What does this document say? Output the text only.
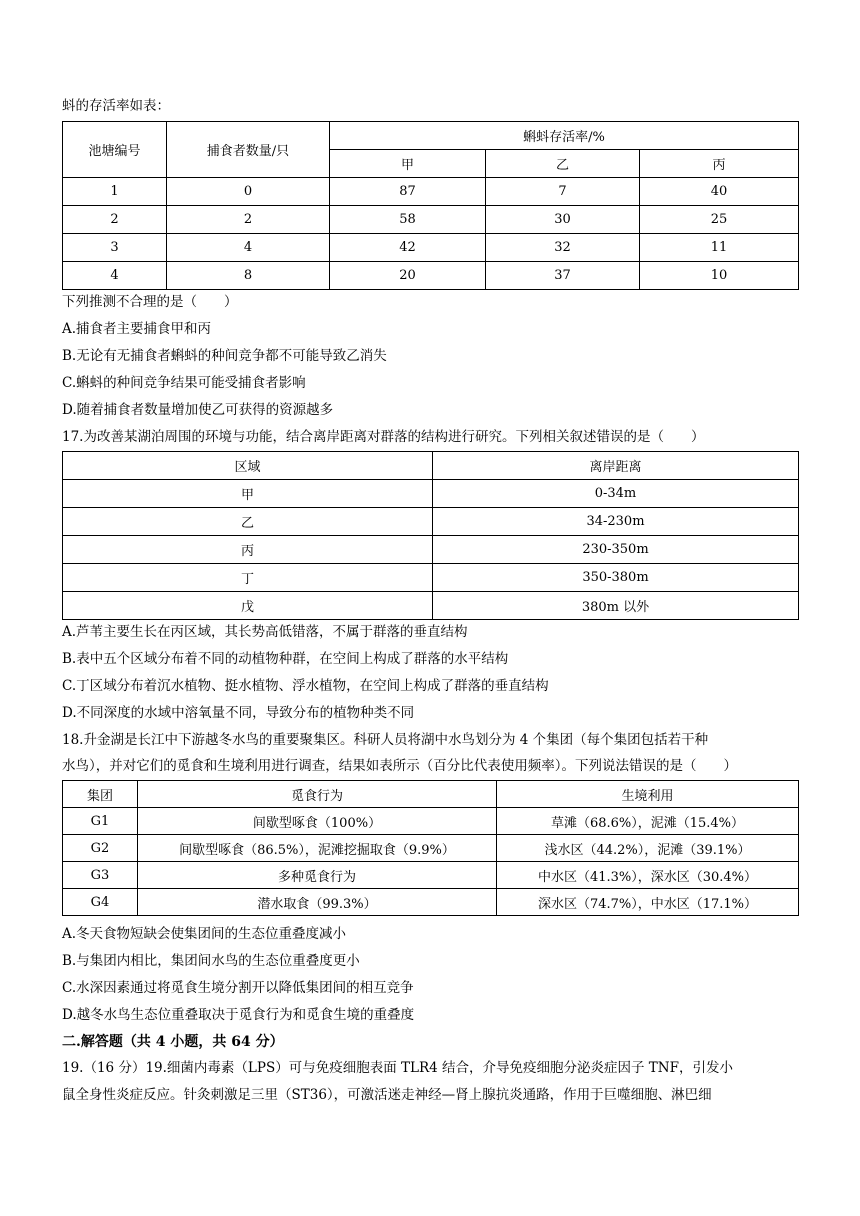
蚪的存活率如表：
池塘编号	捕食者数量/只	蝌蚪存活率/%		
		甲	乙	丙
1	0	87	7	40
2	2	58	30	25
3	4	42	32	11
4	8	20	37	10
下列推测不合理的是（　　）
A.捕食者主要捕食甲和丙
B.无论有无捕食者蝌蚪的种间竞争都不可能导致乙消失
C.蝌蚪的种间竞争结果可能受捕食者影响
D.随着捕食者数量增加使乙可获得的资源越多
17.为改善某湖泊周围的环境与功能，结合离岸距离对群落的结构进行研究。下列相关叙述错误的是（　　）
区域	离岸距离
甲	0-34m
乙	34-230m
丙	230-350m
丁	350-380m
戊	380m 以外
A.芦苇主要生长在丙区域，其长势高低错落，不属于群落的垂直结构
B.表中五个区域分布着不同的动植物种群，在空间上构成了群落的水平结构
C.丁区域分布着沉水植物、挺水植物、浮水植物，在空间上构成了群落的垂直结构
D.不同深度的水域中溶氧量不同，导致分布的植物种类不同
18.升金湖是长江中下游越冬水鸟的重要聚集区。科研人员将湖中水鸟划分为 4 个集团（每个集团包括若干种
水鸟），并对它们的觅食和生境利用进行调查，结果如表所示（百分比代表使用频率）。下列说法错误的是（　　）
集团	觅食行为	生境利用
G1	间歇型啄食（100%）	草滩（68.6%），泥滩（15.4%）
G2	间歇型啄食（86.5%），泥滩挖掘取食（9.9%）	浅水区（44.2%），泥滩（39.1%）
G3	多种觅食行为	中水区（41.3%），深水区（30.4%）
G4	潜水取食（99.3%）	深水区（74.7%），中水区（17.1%）
A.冬天食物短缺会使集团间的生态位重叠度减小
B.与集团内相比，集团间水鸟的生态位重叠度更小
C.水深因素通过将觅食生境分割开以降低集团间的相互竞争
D.越冬水鸟生态位重叠取决于觅食行为和觅食生境的重叠度
二.解答题（共 4 小题，共 64 分）
19.（16 分）19.细菌内毒素（LPS）可与免疫细胞表面 TLR4 结合，介导免疫细胞分泌炎症因子 TNF，引发小
鼠全身性炎症反应。针灸刺激足三里（ST36），可激活迷走神经—肾上腺抗炎通路，作用于巨噬细胞、淋巴细
